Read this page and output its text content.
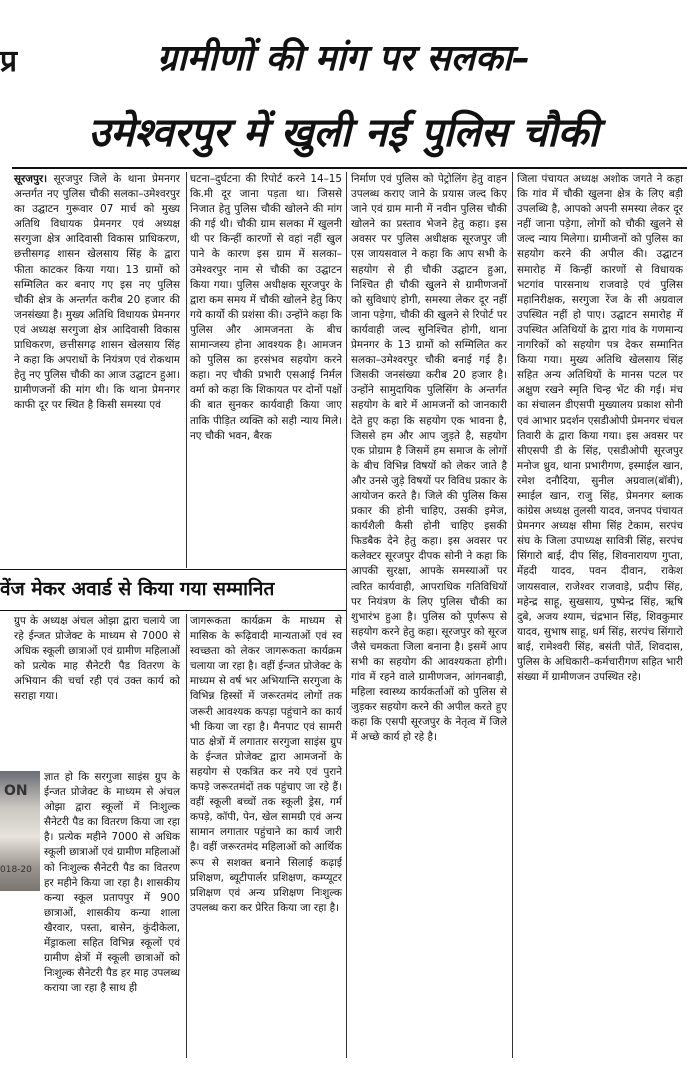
प्र	ग्रामीणों की मांग पर सलका–
उमेश्वरपुर में खुली नई पुलिस चौकी

सूरजपुर। सूरजपुर जिले के थाना प्रेमनगर अन्तर्गत नए पुलिस चौकी सलका–उमेश्वरपुर का उद्घाटन गुरूवार 07 मार्च को मुख्य अतिथि विधायक प्रेमनगर एवं अध्यक्ष सरगुजा क्षेत्र आदिवासी विकास प्राधिकरण, छत्तीसगढ़ शासन खेलसाय सिंह के द्वारा फीता काटकर किया गया। 13 ग्रामों को सम्मिलित कर बनाए गए इस नए पुलिस चौकी क्षेत्र के अन्तर्गत करीब 20 हजार की जनसंख्या है। मुख्य अतिथि विधायक प्रेमनगर एवं अध्यक्ष सरगुजा क्षेत्र आदिवासी विकास प्राधिकरण, छत्तीसगढ़ शासन खेलसाय सिंह ने कहा कि अपराधों के नियंत्रण एवं रोकथाम हेतु नए पुलिस चौकी का आज उद्घाटन हुआ। ग्रामीणजनों की मांग थी। कि थाना प्रेमनगर काफी दूर पर स्थित है किसी समस्या एवं

घटना–दुर्घटना की रिपोर्ट करने 14–15 कि.मी दूर जाना पड़ता था। जिससे निजात हेतु पुलिस चौकी खोलने की मांग की गई थी। चौकी ग्राम सलका में खुलनी थी पर किन्हीं कारणों से वहां नहीं खुल पाने के कारण इस ग्राम में सलका–उमेश्वरपुर नाम से चौकी का उद्घाटन किया गया। पुलिस अधीक्षक सूरजपुर के द्वारा कम समय में चौकी खोलने हेतु किए गये कार्यो की प्रशंसा की। उन्होंने कहा कि पुलिस और आमजनता के बीच सामान्जस्य होना आवश्यक है। आमजन को पुलिस का हरसंभव सहयोग करने कहा। नए चौकी प्रभारी एसआई निर्मल वर्मा को कहा कि शिकायत पर दोनों पक्षों की बात सुनकर कार्यवाही किया जाए ताकि पीड़ित व्यक्ति को सही न्याय मिले। नए चौकी भवन, बैरक

निर्माण एवं पुलिस को पेट्रोलिंग हेतु वाहन उपलब्ध कराए जाने के प्रयास जल्द किए जाने एवं ग्राम मानी में नवीन पुलिस चौकी खोलने का प्रस्ताव भेजने हेतु कहा। इस अवसर पर पुलिस अधीक्षक सूरजपुर जी एस जायसवाल ने कहा कि आप सभी के सहयोग से ही चौकी उद्घाटन हुआ, निश्चित ही चौकी खुलने से ग्रामीणजनों को सुविधाएं होगी, समस्या लेकर दूर नहीं जाना पड़ेगा, चौकी की खुलने से रिपोर्ट पर कार्यवाही जल्द सुनिश्चित होगी, थाना प्रेमनगर के 13 ग्रामों को सम्मिलित कर सलका–उमेश्वरपुर चौकी बनाई गई है। जिसकी जनसंख्या करीब 20 हजार है। उन्होंने सामुदायिक पुलिसिंग के अन्तर्गत सहयोग के बारे में आमजनों को जानकारी देते हुए कहा कि सहयोग एक भावना है, जिससे हम और आप जुड़ते है, सहयोग एक प्रोग्राम है जिसमें हम समाज के लोगों के बीच विभिन्न विषयों को लेकर जाते है और उनसे जुड़े विषयों पर विविध प्रकार के आयोजन करते है। जिले की पुलिस किस प्रकार की होनी चाहिए, उसकी इमेज, कार्यशैली कैसी होनी चाहिए इसकी फिडबैक देने हेतु कहा। इस अवसर पर कलेक्टर सूरजपुर दीपक सोनी ने कहा कि आपकी सुरक्षा, आपके समस्याओं पर त्वरित कार्यवाही, आपराधिक गतिविधियों पर नियंत्रण के लिए पुलिस चौकी का शुभारंभ हुआ है। पुलिस को पूर्णरूप से सहयोग करने हेतु कहा। सूरजपुर को सूरज जैसे चमकता जिला बनाना है। इसमें आप सभी का सहयोग की आवश्यकता होगी। गांव में रहने वाले ग्रामीणजन, आंगनबाड़ी, महिला स्वास्थ्य कार्यकर्ताओं को पुलिस से जुड़कर सहयोग करने की अपील करते हुए कहा कि एसपी सूरजपुर के नेतृत्व में जिले में अच्छे कार्य हो रहे है।

जिला पंचायत अध्यक्ष अशोक जगते ने कहा कि गांव में चौकी खुलना क्षेत्र के लिए बड़ी उपलब्धि है, आपको अपनी समस्या लेकर दूर नहीं जाना पड़ेगा, लोगों को चौकी खुलने से जल्द न्याय मिलेगा। ग्रामीजनों को पुलिस का सहयोग करने की अपील की। उद्घाटन समारोह में किन्हीं कारणों से विधायक भटगांव पारसनाथ राजवाड़े एवं पुलिस महानिरीक्षक, सरगुजा रेंज के सी अग्रवाल उपस्थित नहीं हो पाए। उद्घाटन समारोह में उपस्थित अतिथियों के द्वारा गांव के गणमान्य नागरिकों को सहयोग पत्र देकर सम्मानित किया गया। मुख्य अतिथि खेलसाय सिंह सहित अन्य अतिथियों के मानस पटल पर अक्षुण रखने स्मृति चिन्ह भेंट की गई। मंच का संचालन डीएसपी मुख्यालय प्रकाश सोनी एवं आभार प्रदर्शन एसडीओपी प्रेमनगर चंचल तिवारी के द्वारा किया गया। इस अवसर पर सीएसपी डी के सिंह, एसडीओपी सूरजपुर मनोज ध्रुव, थाना प्रभारीगण, इस्माईल खान, रमेश दनौदिया, सुनील अग्रवाल(बॉबी), स्माईल खान, राजु सिंह, प्रेमनगर ब्लाक कांग्रेस अध्यक्ष तुलसी यादव, जनपद पंचायत प्रेमनगर अध्यक्ष सीमा सिंह टेकाम, सरपंच संघ के जिला उपाध्यक्ष सावित्री सिंह, सरपंच सिंगारो बाई, दीप सिंह, शिवनारायण गुप्ता, मेंहदी यादव, पवन दीवान, राकेश जायसवाल, राजेश्वर राजवाड़े, प्रदीप सिंह, महेन्द्र साहू, सुखसाय, पुष्पेन्द्र सिंह, ऋषि दुबे, अजय श्याम, चंद्रभान सिंह, शिवकुमार यादव, सुभाष साहू, धर्म सिंह, सरपंच सिंगारो बाई, रामेश्वरी सिंह, बसंती पोर्ते, शिवदास, पुलिस के अधिकारी–कर्मचारीगण सहित भारी संख्या में ग्रामीणजन उपस्थित रहे।

वेंज मेकर अवार्ड से किया गया सम्मानित

ग्रुप के अध्यक्ष अंचल ओझा द्वारा चलाये जा रहे ईन्जत प्रोजेक्ट के माध्यम से 7000 से अधिक स्कूली छात्राओं एवं ग्रामीण महिलाओं को प्रत्येक माह सैनेटरी पैड वितरण के अभियान की चर्चा रही एवं उक्त कार्य को सराहा गया।

ON
018-20

ज्ञात हो कि सरगुजा साइंस ग्रुप के ईन्जत प्रोजेक्ट के माध्यम से अंचल ओझा द्वारा स्कूलों में निःशुल्क सैनेटरी पैड का वितरण किया जा रहा है। प्रत्येक महीने 7000 से अधिक स्कूली छात्राओं एवं ग्रामीण महिलाओं को निःशुल्क सैनेटरी पैड का वितरण हर महीने किया जा रहा है। शासकीय कन्या स्कूल प्रतापपुर में 900 छात्राओं, शासकीय कन्या शाला खैरवार, पस्ता, बासेन, कुंदीकेला, मेंड्राकला सहित विभिन्न स्कूलों एवं ग्रामीण क्षेत्रों में स्कूली छात्राओं को निःशुल्क सैनेटरी पैड हर माह उपलब्ध कराया जा रहा है साथ ही

जागरूकता कार्यक्रम के माध्यम से मासिक के रूढ़िवादी मान्यताओं एवं स्व स्वच्छता को लेकर जागरूकता कार्यक्रम चलाया जा रहा है। वहीं ईन्जत प्रोजेक्ट के माध्यम से वर्ष भर अभियान्ति सरगुजा के विभिन्न हिस्सों में जरूरतमंद लोगों तक जरूरी आवश्यक कपड़ा पहुंचाने का कार्य भी किया जा रहा है। मैनपाट एवं सामरी पाठ क्षेत्रों में लगातार सरगुजा साइंस ग्रुप के ईन्जत प्रोजेक्ट द्वारा आमजनों के सहयोग से एकत्रित कर नये एवं पुराने कपड़े जरूरतमंदों तक पहुंचाए जा रहे हैं। वहीं स्कूली बच्चों तक स्कूली ड्रेस, गर्म कपड़े, कॉपी, पेन, खेल सामग्री एवं अन्य सामान लगातार पहुंचाने का कार्य जारी है। वहीं जरूरतमंद महिलाओं को आर्थिक रूप से सशक्त बनाने सिलाई कढ़ाई प्रशिक्षण, ब्यूटीपार्लर प्रशिक्षण, कम्प्यूटर प्रशिक्षण एवं अन्य प्रशिक्षण निःशुल्क उपलब्ध करा कर प्रेरित किया जा रहा है।
